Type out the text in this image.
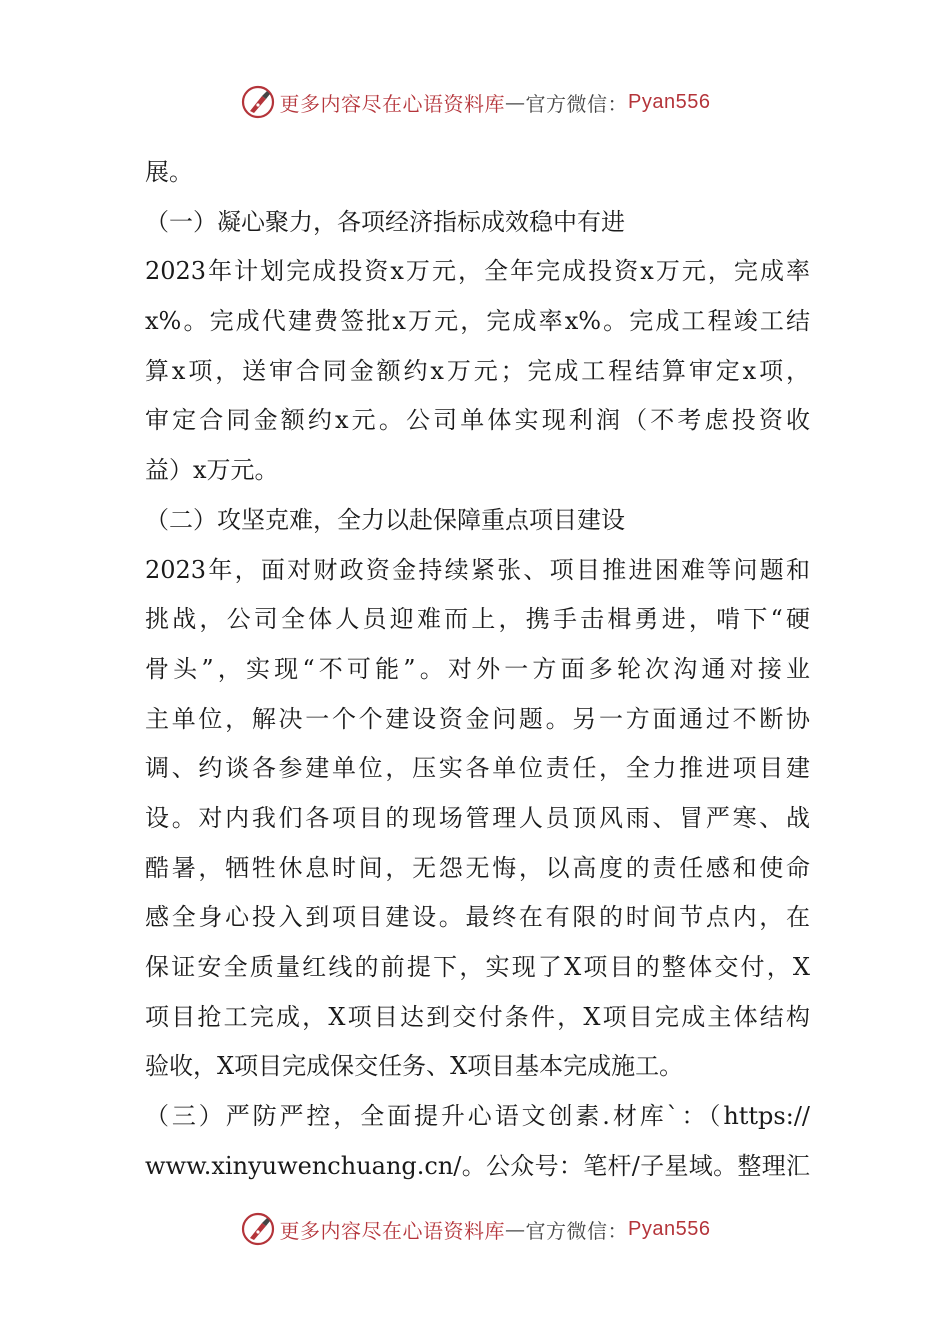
更多内容尽在心语资料库 — 官方微信： Pyan556
展。
（一）凝心聚力，各项经济指标成效稳中有进
2023年计划完成投资x万元，全年完成投资x万元，完成率
x%。完成代建费签批x万元，完成率x%。完成工程竣工结
算x项，送审合同金额约x万元；完成工程结算审定x项，
审定合同金额约x元。公司单体实现利润（不考虑投资收
益）x万元。
（二）攻坚克难，全力以赴保障重点项目建设
2023年，面对财政资金持续紧张、项目推进困难等问题和
挑战，公司全体人员迎难而上，携手击楫勇进，啃下“硬
骨头”，实现“不可能”。对外一方面多轮次沟通对接业
主单位，解决一个个建设资金问题。另一方面通过不断协
调、约谈各参建单位，压实各单位责任，全力推进项目建
设。对内我们各项目的现场管理人员顶风雨、冒严寒、战
酷暑，牺牲休息时间，无怨无悔，以高度的责任感和使命
感全身心投入到项目建设。最终在有限的时间节点内，在
保证安全质量红线的前提下，实现了X项目的整体交付，X
项目抢工完成，X项目达到交付条件，X项目完成主体结构
验收，X项目完成保交任务、X项目基本完成施工。
（三）严防严控，全面提升心语文创素.材库`：（https://
www.xinyuwenchuang.cn/。公众号：笔杆/子星域。整理汇
更多内容尽在心语资料库 — 官方微信： Pyan556
